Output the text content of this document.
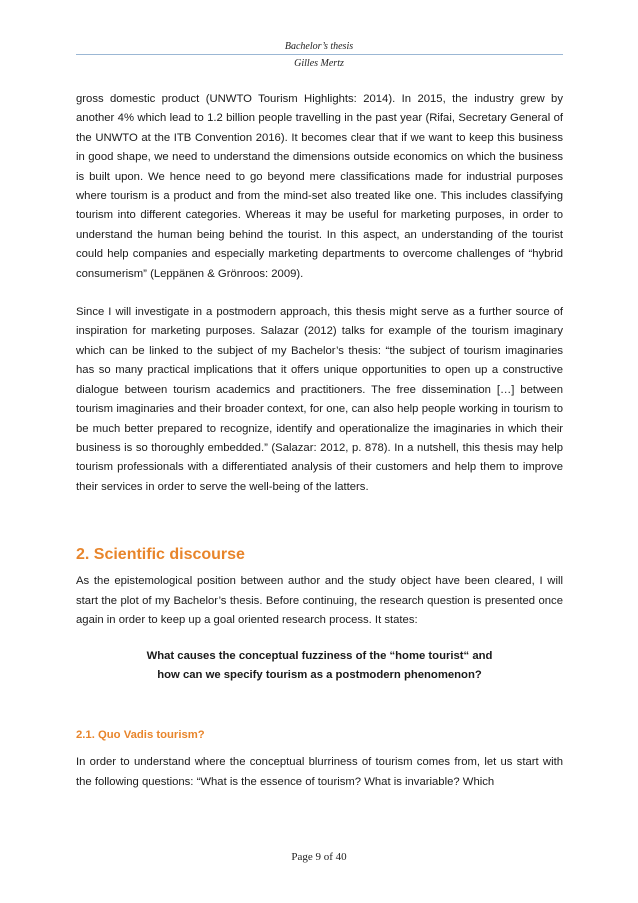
Bachelor’s thesis
Gilles Mertz

gross domestic product (UNWTO Tourism Highlights: 2014). In 2015, the industry grew by another 4% which lead to 1.2 billion people travelling in the past year (Rifai, Secretary General of the UNWTO at the ITB Convention 2016). It becomes clear that if we want to keep this business in good shape, we need to understand the dimensions outside economics on which the business is built upon. We hence need to go beyond mere classifications made for industrial purposes where tourism is a product and from the mind-set also treated like one. This includes classifying tourism into different categories. Whereas it may be useful for marketing purposes, in order to understand the human being behind the tourist. In this aspect, an understanding of the tourist could help companies and especially marketing departments to overcome challenges of “hybrid consumerism” (Leppänen & Grönroos: 2009).

Since I will investigate in a postmodern approach, this thesis might serve as a further source of inspiration for marketing purposes. Salazar (2012) talks for example of the tourism imaginary which can be linked to the subject of my Bachelor’s thesis: “the subject of tourism imaginaries has so many practical implications that it offers unique opportunities to open up a constructive dialogue between tourism academics and practitioners. The free dissemination […] between tourism imaginaries and their broader context, for one, can also help people working in tourism to be much better prepared to recognize, identify and operationalize the imaginaries in which their business is so thoroughly embedded.” (Salazar: 2012, p. 878). In a nutshell, this thesis may help tourism professionals with a differentiated analysis of their customers and help them to improve their services in order to serve the well-being of the latters.

2. Scientific discourse

As the epistemological position between author and the study object have been cleared, I will start the plot of my Bachelor’s thesis. Before continuing, the research question is presented once again in order to keep up a goal oriented research process. It states:

What causes the conceptual fuzziness of the “home tourist“ and
how can we specify tourism as a postmodern phenomenon?

2.1. Quo Vadis tourism?

In order to understand where the conceptual blurriness of tourism comes from, let us start with the following questions: “What is the essence of tourism? What is invariable? Which

Page 9 of 40
